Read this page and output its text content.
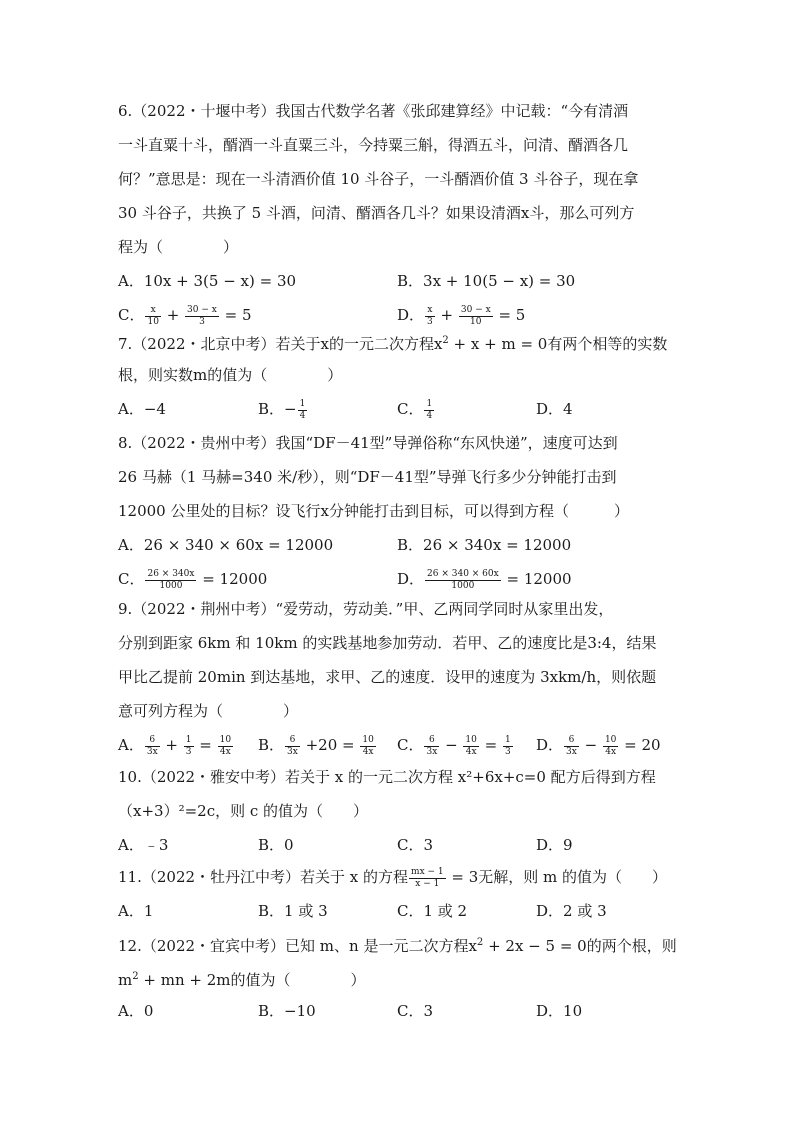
6.（2022・十堰中考）我国古代数学名著《张邱建算经》中记载：“今有清酒
一斗直粟十斗，醑酒一斗直粟三斗，今持粟三斛，得酒五斗，问清、醑酒各几
何？”意思是：现在一斗清酒价值 10 斗谷子，一斗醑酒价值 3 斗谷子，现在拿
30 斗谷子，共换了 5 斗酒，问清、醑酒各几斗？如果设清酒x斗，那么可列方
程为（　　　　）
A．10x + 3(5 − x) = 30	B．3x + 10(5 − x) = 30
C． $\frac{x}{10} + \frac{30 - x}{3} = 5$	D． $\frac{x}{3} + \frac{30 - x}{10} = 5$
7.（2022・北京中考）若关于x的一元二次方程$x^2 + x + m = 0$有两个相等的实数
根，则实数m的值为（　　　　）
A．−4	B．− $\frac{1}{4}$	C． $\frac{1}{4}$	D．4
8.（2022・贵州中考）我国“DF－41型”导弹俗称“东风快递”，速度可达到
26 马赫（1 马赫=340 米/秒），则“DF－41型”导弹飞行多少分钟能打击到
12000 公里处的目标？设飞行x分钟能打击到目标，可以得到方程（　　　）
A．26 × 340 × 60x = 12000	B．26 × 340x = 12000
C． $\frac{26 \times 340x}{1000} = 12000$	D． $\frac{26 \times 340 \times 60x}{1000} = 12000$
9.（2022・荆州中考）“爱劳动，劳动美．”甲、乙两同学同时从家里出发，
分别到距家 6km 和 10km 的实践基地参加劳动．若甲、乙的速度比是3:4，结果
甲比乙提前 20min 到达基地，求甲、乙的速度．设甲的速度为 3xkm/h，则依题
意可列方程为（　　　　）
A． $\frac{6}{3x} + \frac{1}{3} = \frac{10}{4x}$ B． $\frac{6}{3x} +20 = \frac{10}{4x}$ C． $\frac{6}{3x} - \frac{10}{4x} = \frac{1}{3}$ D． $\frac{6}{3x} - \frac{10}{4x} = 20$
10.（2022・雅安中考）若关于 x 的一元二次方程 x²+6x+c=0 配方后得到方程
（x+3）²=2c，则 c 的值为（　　）
A．﹣3	B．0	C．3	D．9
11.（2022・牡丹江中考）若关于 x 的方程 $\frac{mx - 1}{x - 1} = 3$无解，则 m 的值为（　　）
A．1	B．1 或 3	C．1 或 2	D．2 或 3
12.（2022・宜宾中考）已知 m、n 是一元二次方程$x^2 + 2x - 5 = 0$的两个根，则
$m^2$ + mn + 2m的值为（　　　　）
A．0	B．−10	C．3	D．10
